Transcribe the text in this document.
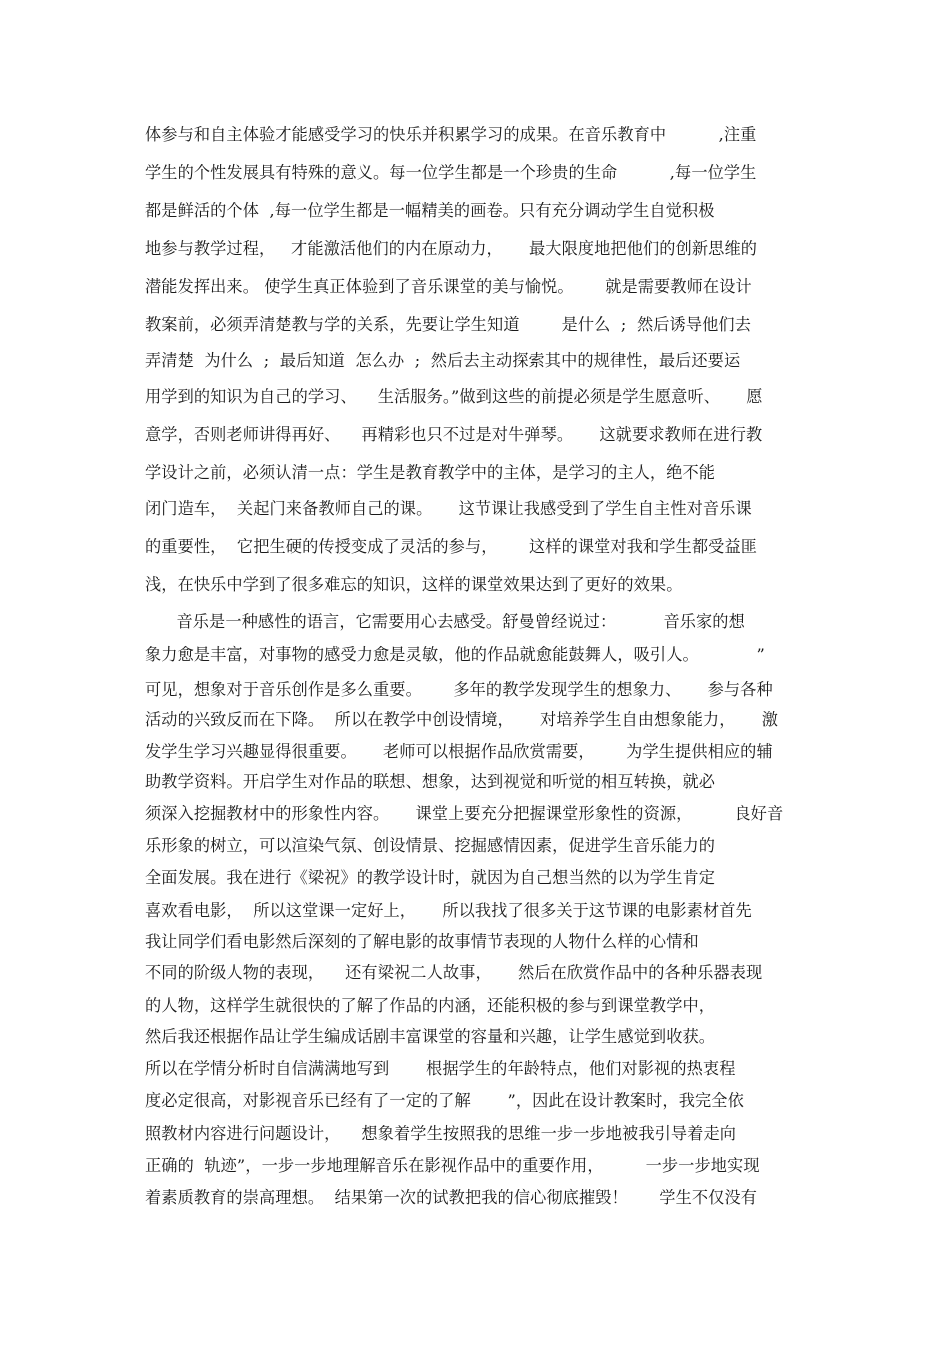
体参与和自主体验才能感受学习的快乐并积累学习的成果。在音乐教育中          ,注重
学生的个性发展具有特殊的意义。每一位学生都是一个珍贵的生命          ,每一位学生
都是鲜活的个体  ,每一位学生都是一幅精美的画卷。只有充分调动学生自觉积极
地参与教学过程，   才能激活他们的内在原动力，     最大限度地把他们的创新思维的
潜能发挥出来。 使学生真正体验到了音乐课堂的美与愉悦。      就是需要教师在设计
教案前，必须弄清楚教与学的关系，先要让学生知道        是什么  ;  然后诱导他们去
弄清楚  为什么  ;  最后知道  怎么办  ;  然后去主动探索其中的规律性，最后还要运
用学到的知识为自己的学习、    生活服务。”做到这些的前提必须是学生愿意听、     愿
意学，否则老师讲得再好、    再精彩也只不过是对牛弹琴。     这就要求教师在进行教
学设计之前，必须认清一点：学生是教育教学中的主体，是学习的主人，绝不能
闭门造车，  关起门来备教师自己的课。     这节课让我感受到了学生自主性对音乐课
的重要性，  它把生硬的传授变成了灵活的参与，      这样的课堂对我和学生都受益匪
浅，在快乐中学到了很多难忘的知识，这样的课堂效果达到了更好的效果。
音乐是一种感性的语言，它需要用心去感受。舒曼曾经说过：         音乐家的想
象力愈是丰富，对事物的感受力愈是灵敏，他的作品就愈能鼓舞人，吸引人。           ”
可见，想象对于音乐创作是多么重要。      多年的教学发现学生的想象力、     参与各种
活动的兴致反而在下降。  所以在教学中创设情境，     对培养学生自由想象能力，     激
发学生学习兴趣显得很重要。     老师可以根据作品欣赏需要，      为学生提供相应的辅
助教学资料。开启学生对作品的联想、想象，达到视觉和听觉的相互转换，就必
须深入挖掘教材中的形象性内容。     课堂上要充分把握课堂形象性的资源，        良好音
乐形象的树立，可以渲染气氛、创设情景、挖掘感情因素，促进学生音乐能力的
全面发展。我在进行《梁祝》的教学设计时，就因为自己想当然的以为学生肯定
喜欢看电影，  所以这堂课一定好上，     所以我找了很多关于这节课的电影素材首先
我让同学们看电影然后深刻的了解电影的故事情节表现的人物什么样的心情和
不同的阶级人物的表现，    还有梁祝二人故事，     然后在欣赏作品中的各种乐器表现
的人物，这样学生就很快的了解了作品的内涵，还能积极的参与到课堂教学中，
然后我还根据作品让学生编成话剧丰富课堂的容量和兴趣，让学生感觉到收获。
所以在学情分析时自信满满地写到       根据学生的年龄特点，他们对影视的热衷程
度必定很高，对影视音乐已经有了一定的了解       ”，因此在设计教案时，我完全依
照教材内容进行问题设计，    想象着学生按照我的思维一步一步地被我引导着走向
正确的  轨迹”，一步一步地理解音乐在影视作品中的重要作用，        一步一步地实现
着素质教育的崇高理想。  结果第一次的试教把我的信心彻底摧毁！      学生不仅没有
